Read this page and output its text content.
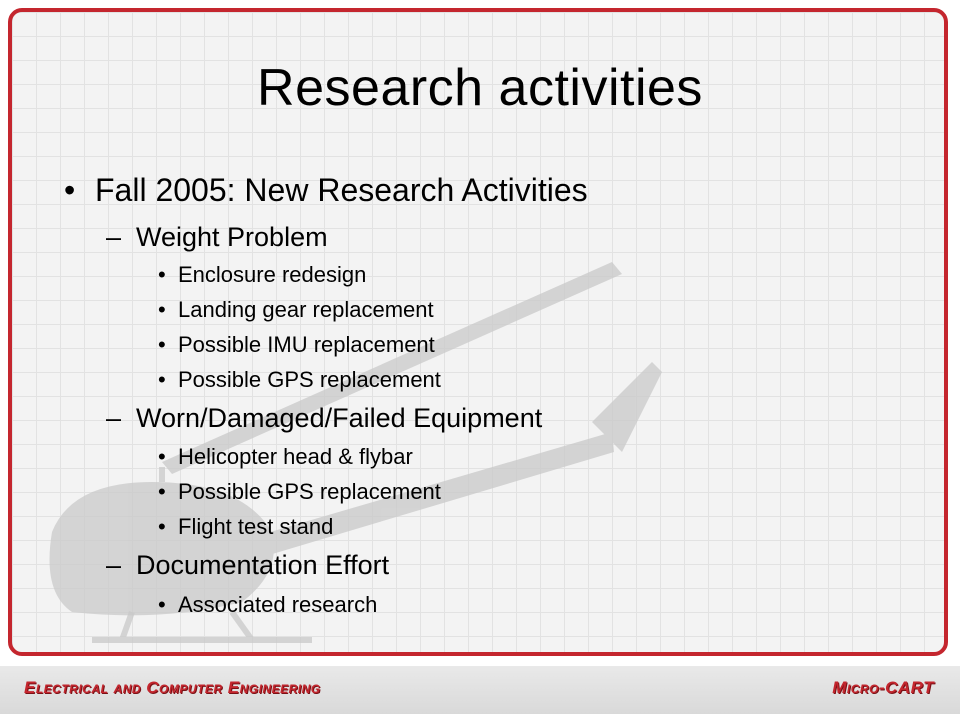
Research activities
• Fall 2005: New Research Activities
– Weight Problem
• Enclosure redesign
• Landing gear replacement
• Possible IMU replacement
• Possible GPS replacement
– Worn/Damaged/Failed Equipment
• Helicopter head & flybar
• Possible GPS replacement
• Flight test stand
– Documentation Effort
• Associated research
Electrical and Computer Engineering	Micro-CART
